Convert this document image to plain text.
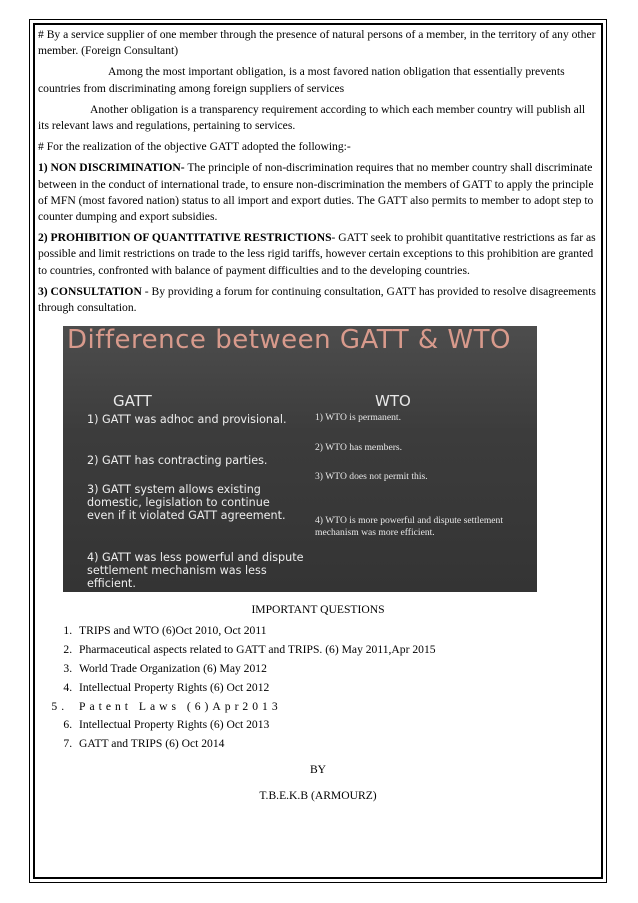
# By a service supplier of one member through the presence of natural persons of a member, in the territory of any other member. (Foreign Consultant)

Among the most important obligation, is a most favored nation obligation that essentially prevents countries from discriminating among foreign suppliers of services

Another obligation is a transparency requirement according to which each member country will publish all its relevant laws and regulations, pertaining to services.

# For the realization of the objective GATT adopted the following:-

1) NON DISCRIMINATION- The principle of non-discrimination requires that no member country shall discriminate between in the conduct of international trade, to ensure non-discrimination the members of GATT to apply the principle of MFN (most favored nation) status to all import and export duties. The GATT also permits to member to adopt step to counter dumping and export subsidies.

2) PROHIBITION OF QUANTITATIVE RESTRICTIONS- GATT seek to prohibit quantitative restrictions as far as possible and limit restrictions on trade to the less rigid tariffs, however certain exceptions to this prohibition are granted to countries, confronted with balance of payment difficulties and to the developing countries.

3) CONSULTATION - By providing a forum for continuing consultation, GATT has provided to resolve disagreements through consultation.

Difference between GATT & WTO
GATT	WTO
1) GATT was adhoc and provisional.
2) GATT has contracting parties.
3) GATT system allows existing domestic, legislation to continue even if it violated GATT agreement.
4) GATT was less powerful and dispute settlement mechanism was less efficient.
1) WTO is permanent.
2) WTO has members.
3) WTO does not permit this.
4) WTO is more powerful and dispute settlement mechanism was more efficient.
IMPORTANT QUESTIONS
1. TRIPS and WTO (6)Oct 2010, Oct 2011
2. Pharmaceutical aspects related to GATT and TRIPS. (6) May 2011,Apr 2015
3. World Trade Organization (6) May 2012
4. Intellectual Property Rights (6) Oct 2012
5. Patent Laws (6)Apr2013
6. Intellectual Property Rights (6) Oct 2013
7. GATT and TRIPS (6) Oct 2014

BY

T.B.E.K.B (ARMOURZ)
